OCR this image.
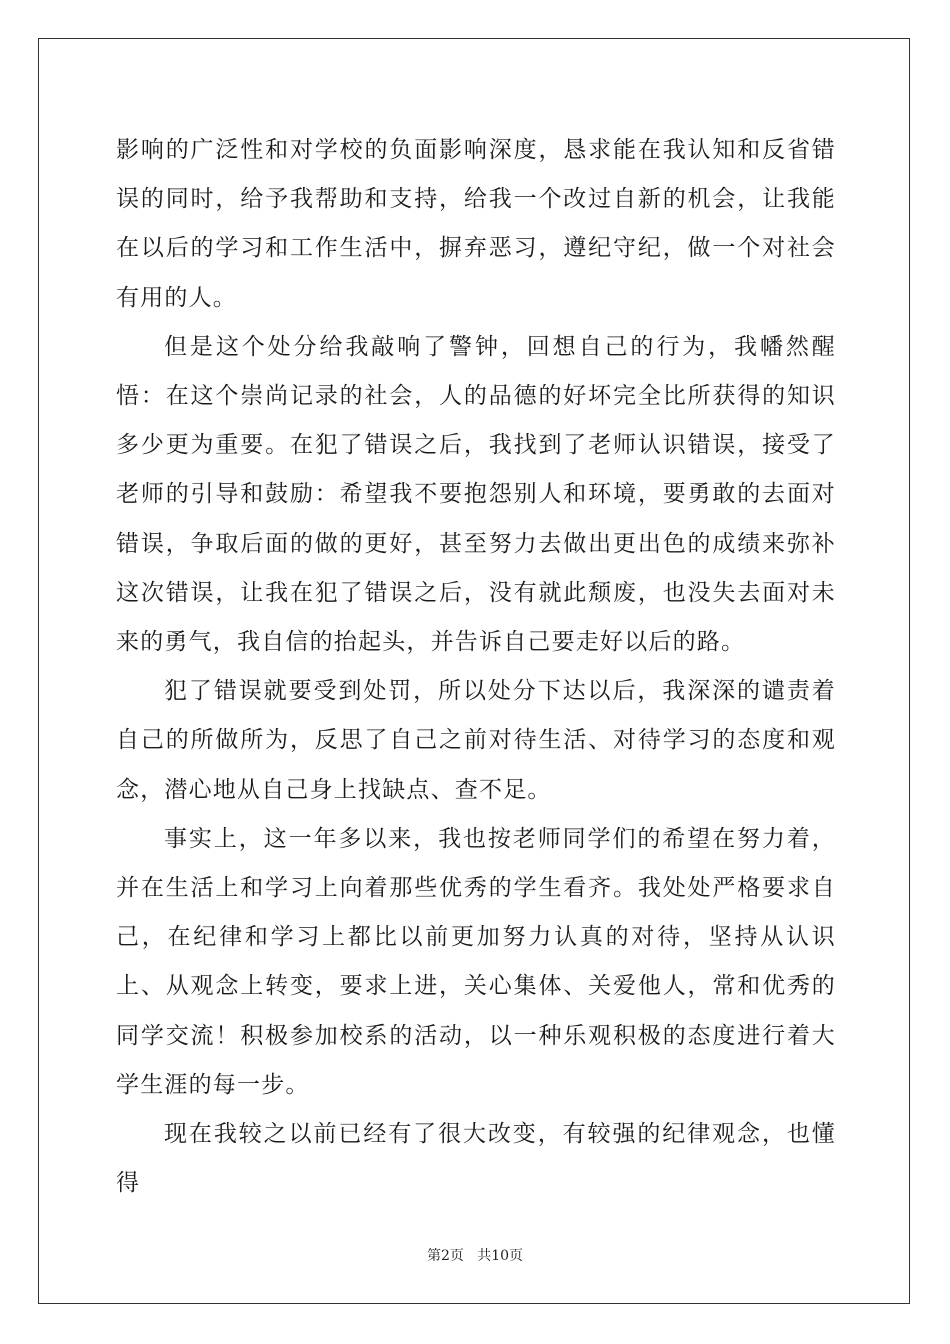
影响的广泛性和对学校的负面影响深度，恳求能在我认知和反省错误的同时，给予我帮助和支持，给我一个改过自新的机会，让我能在以后的学习和工作生活中，摒弃恶习，遵纪守纪，做一个对社会有用的人。

但是这个处分给我敲响了警钟，回想自己的行为，我幡然醒悟：在这个崇尚记录的社会，人的品德的好坏完全比所获得的知识多少更为重要。在犯了错误之后，我找到了老师认识错误，接受了老师的引导和鼓励：希望我不要抱怨别人和环境，要勇敢的去面对错误，争取后面的做的更好，甚至努力去做出更出色的成绩来弥补这次错误，让我在犯了错误之后，没有就此颓废，也没失去面对未来的勇气，我自信的抬起头，并告诉自己要走好以后的路。

犯了错误就要受到处罚，所以处分下达以后，我深深的谴责着自己的所做所为，反思了自己之前对待生活、对待学习的态度和观念，潜心地从自己身上找缺点、查不足。

事实上，这一年多以来，我也按老师同学们的希望在努力着，并在生活上和学习上向着那些优秀的学生看齐。我处处严格要求自己，在纪律和学习上都比以前更加努力认真的对待，坚持从认识上、从观念上转变，要求上进，关心集体、关爱他人，常和优秀的同学交流！积极参加校系的活动，以一种乐观积极的态度进行着大学生涯的每一步。

现在我较之以前已经有了很大改变，有较强的纪律观念，也懂得

第2页   共10页
